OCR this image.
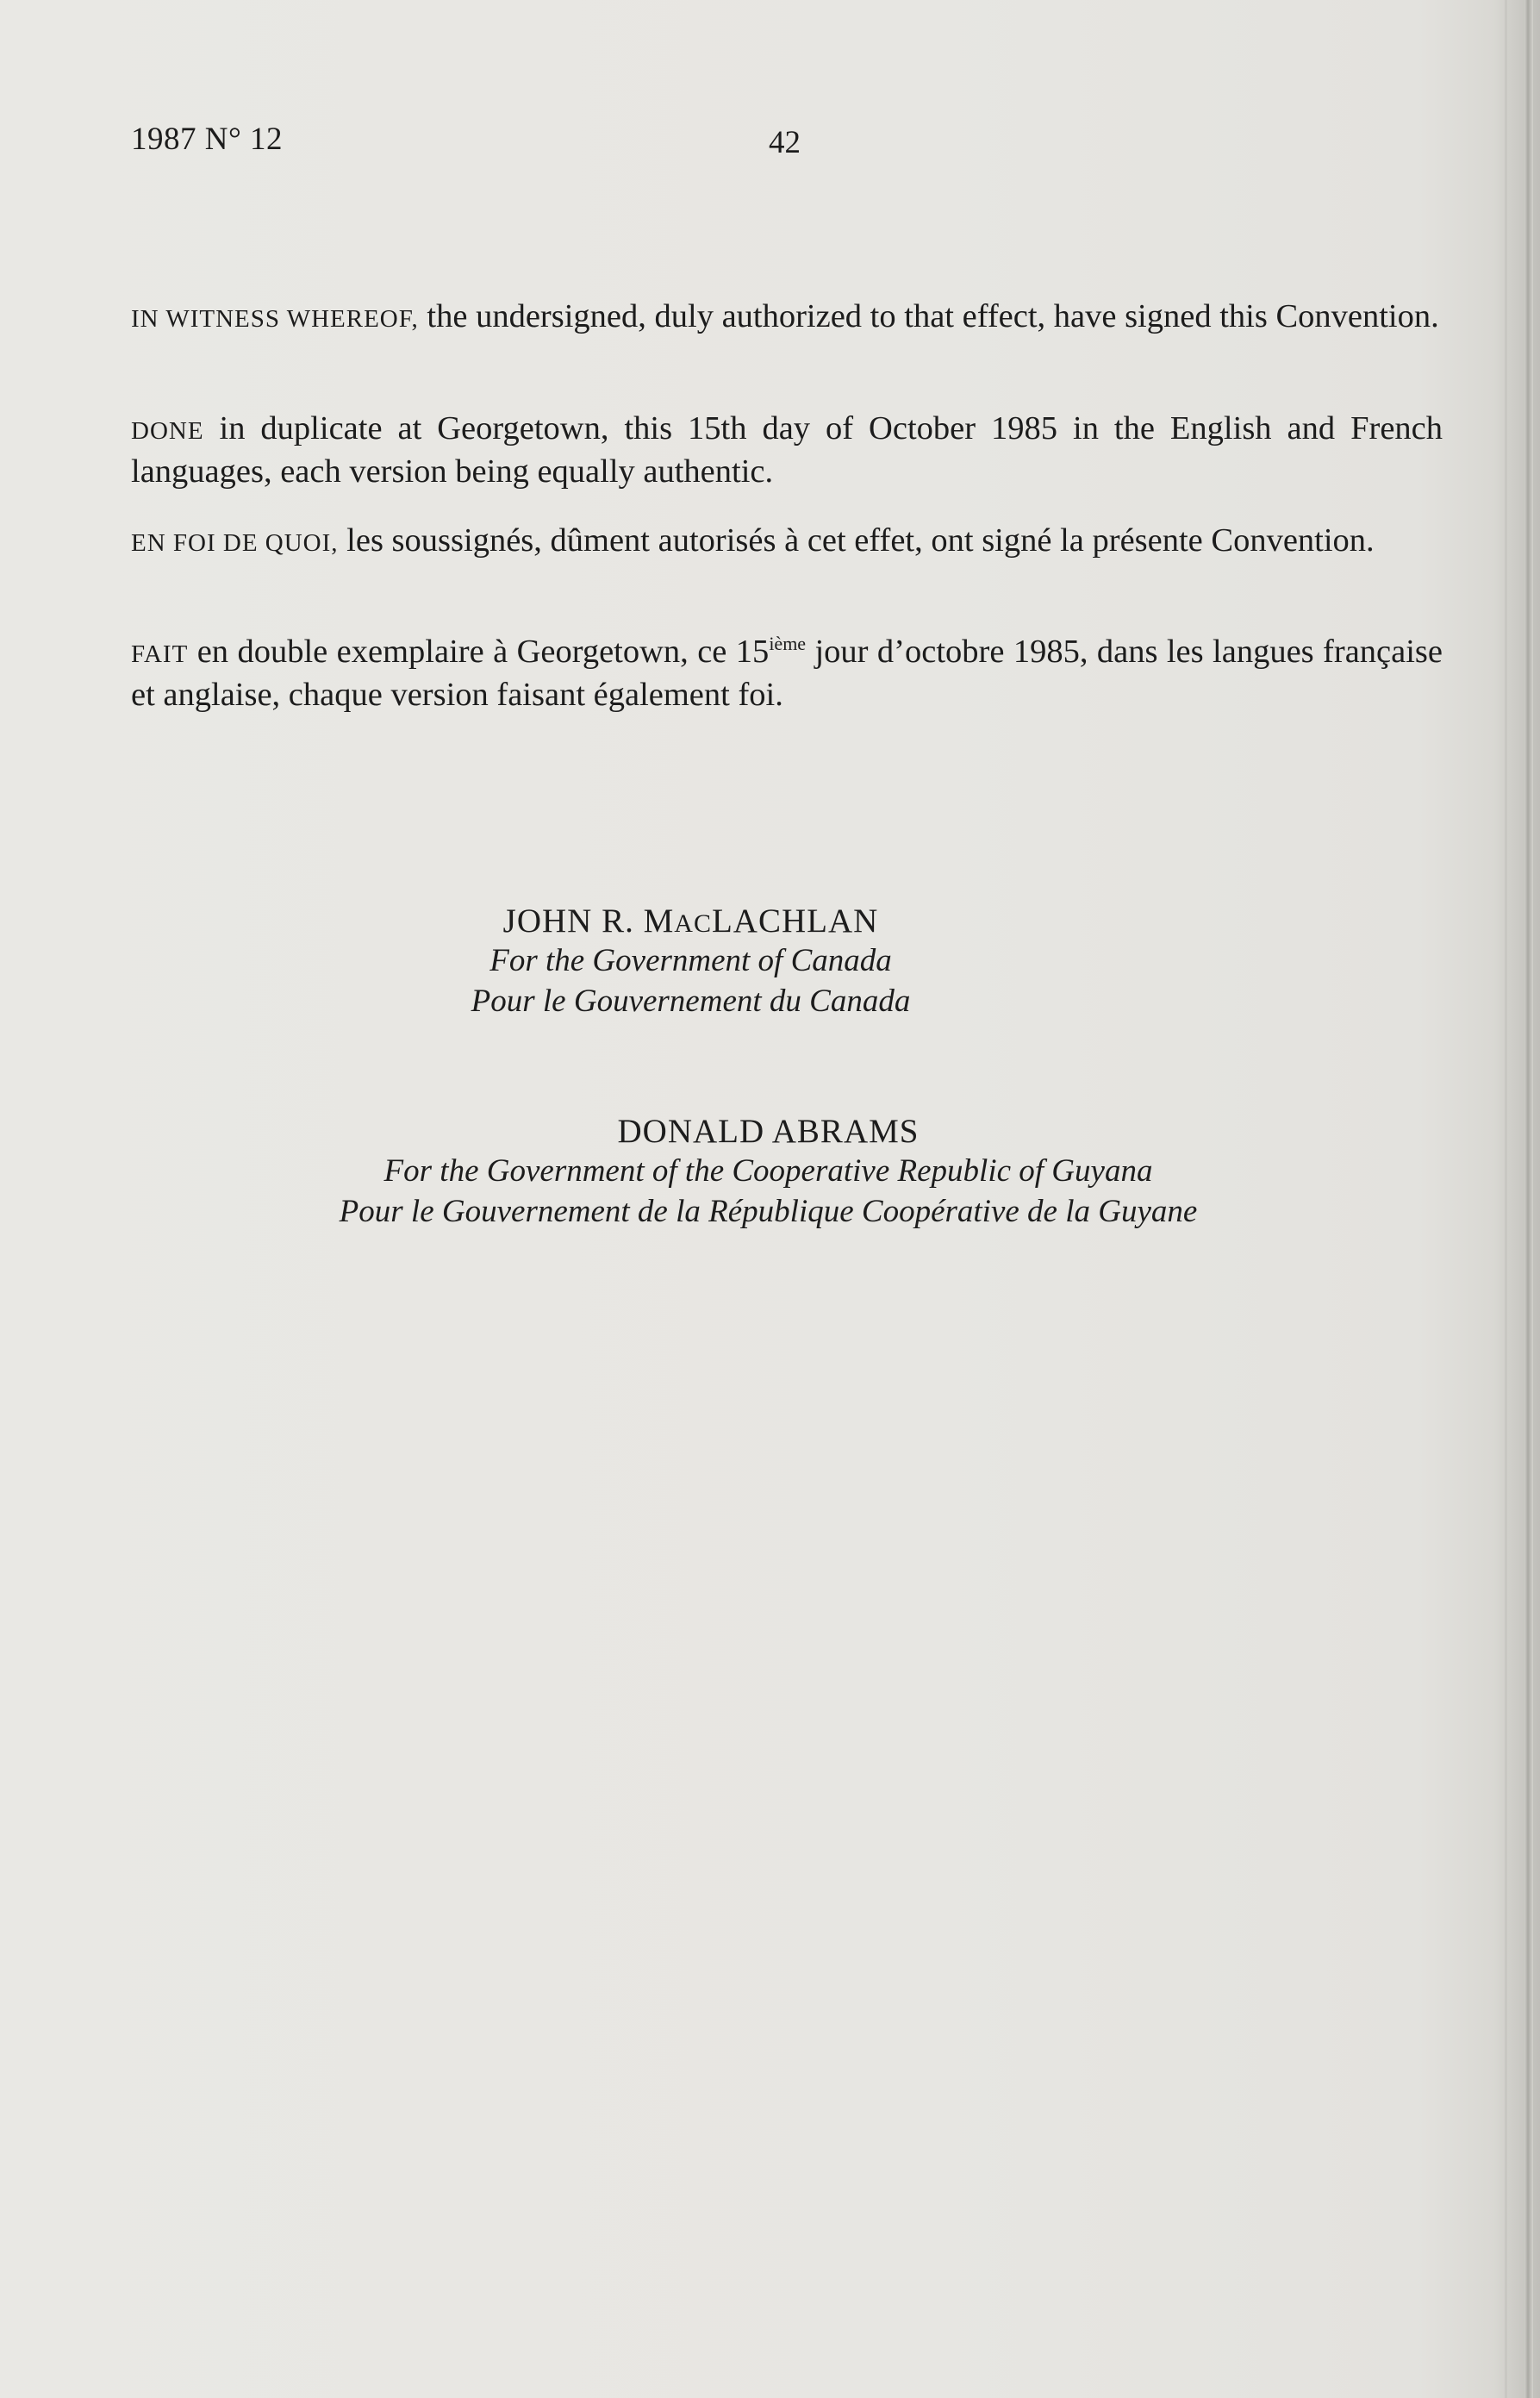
1987 N° 12	42
IN WITNESS WHEREOF, the undersigned, duly authorized to that effect, have signed this Convention.
DONE in duplicate at Georgetown, this 15th day of October 1985 in the English and French languages, each version being equally authentic.
EN FOI DE QUOI, les soussignés, dûment autorisés à cet effet, ont signé la présente Convention.
FAIT en double exemplaire à Georgetown, ce 15ième jour d’octobre 1985, dans les langues française et anglaise, chaque version faisant également foi.
JOHN R. MACLACHLAN
For the Government of Canada
Pour le Gouvernement du Canada
DONALD ABRAMS
For the Government of the Cooperative Republic of Guyana
Pour le Gouvernement de la République Coopérative de la Guyane
